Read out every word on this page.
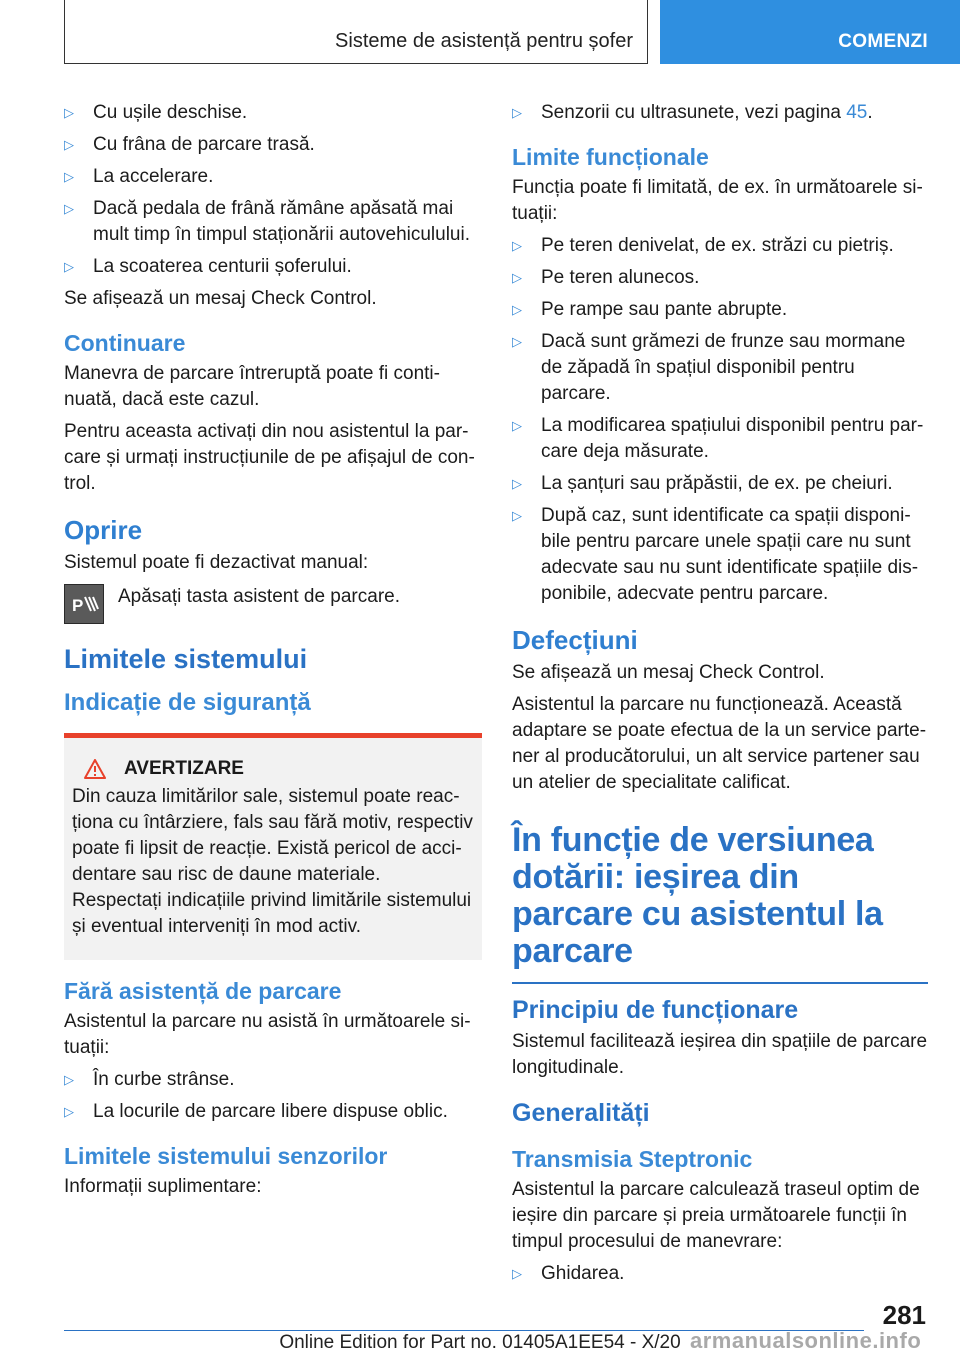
Sisteme de asistență pentru șofer	COMENZI
▷ Cu ușile deschise.
▷ Cu frâna de parcare trasă.
▷ La accelerare.
▷ Dacă pedala de frână rămâne apăsată mai mult timp în timpul staționării autovehiculului.
▷ La scoaterea centurii șoferului.

Se afișează un mesaj Check Control.

Continuare

Manevra de parcare întreruptă poate fi conti-nuată, dacă este cazul.

Pentru aceasta activați din nou asistentul la par-care și urmați instrucțiunile de pe afișajul de con-trol.

Oprire

Sistemul poate fi dezactivat manual:

P Apăsați tasta asistent de parcare.

Limitele sistemului
Indicație de siguranță
AVERTIZARE

Din cauza limitărilor sale, sistemul poate reac-ționa cu întârziere, fals sau fără motiv, respectiv poate fi lipsit de reacție. Există pericol de acci-dentare sau risc de daune materiale. Respectați indicațiile privind limitările sistemului și eventual interveniți în mod activ.

Fără asistență de parcare

Asistentul la parcare nu asistă în următoarele si-tuații:

▷ În curbe strânse.
▷ La locurile de parcare libere dispuse oblic.
Limitele sistemului senzorilor

Informații suplimentare:

▷ Senzorii cu ultrasunete, vezi pagina 45.
Limite funcționale

Funcția poate fi limitată, de ex. în următoarele si-tuații:

▷ Pe teren denivelat, de ex. străzi cu pietriș.
▷ Pe teren alunecos.
▷ Pe rampe sau pante abrupte.
▷ Dacă sunt grămezi de frunze sau mormane de zăpadă în spațiul disponibil pentru parcare.
▷ La modificarea spațiului disponibil pentru par-care deja măsurate.
▷ La șanțuri sau prăpăstii, de ex. pe cheiuri.
▷ După caz, sunt identificate ca spații disponi-bile pentru parcare unele spații care nu sunt adecvate sau nu sunt identificate spațiile dis-ponibile, adecvate pentru parcare.
Defecțiuni

Se afișează un mesaj Check Control.

Asistentul la parcare nu funcționează. Această adaptare se poate efectua de la un service parte-ner al producătorului, un alt service partener sau un atelier de specialitate calificat.

În funcție de versiunea dotării: ieșirea din parcare cu asistentul la parcare
Principiu de funcționare

Sistemul facilitează ieșirea din spațiile de parcare longitudinale.

Generalități
Transmisia Steptronic

Asistentul la parcare calculează traseul optim de ieșire din parcare și preia următoarele funcții în timpul procesului de manevrare:

▷ Ghidarea.
281
Online Edition for Part no. 01405A1EE54 - X/20 armanualsonline.info
